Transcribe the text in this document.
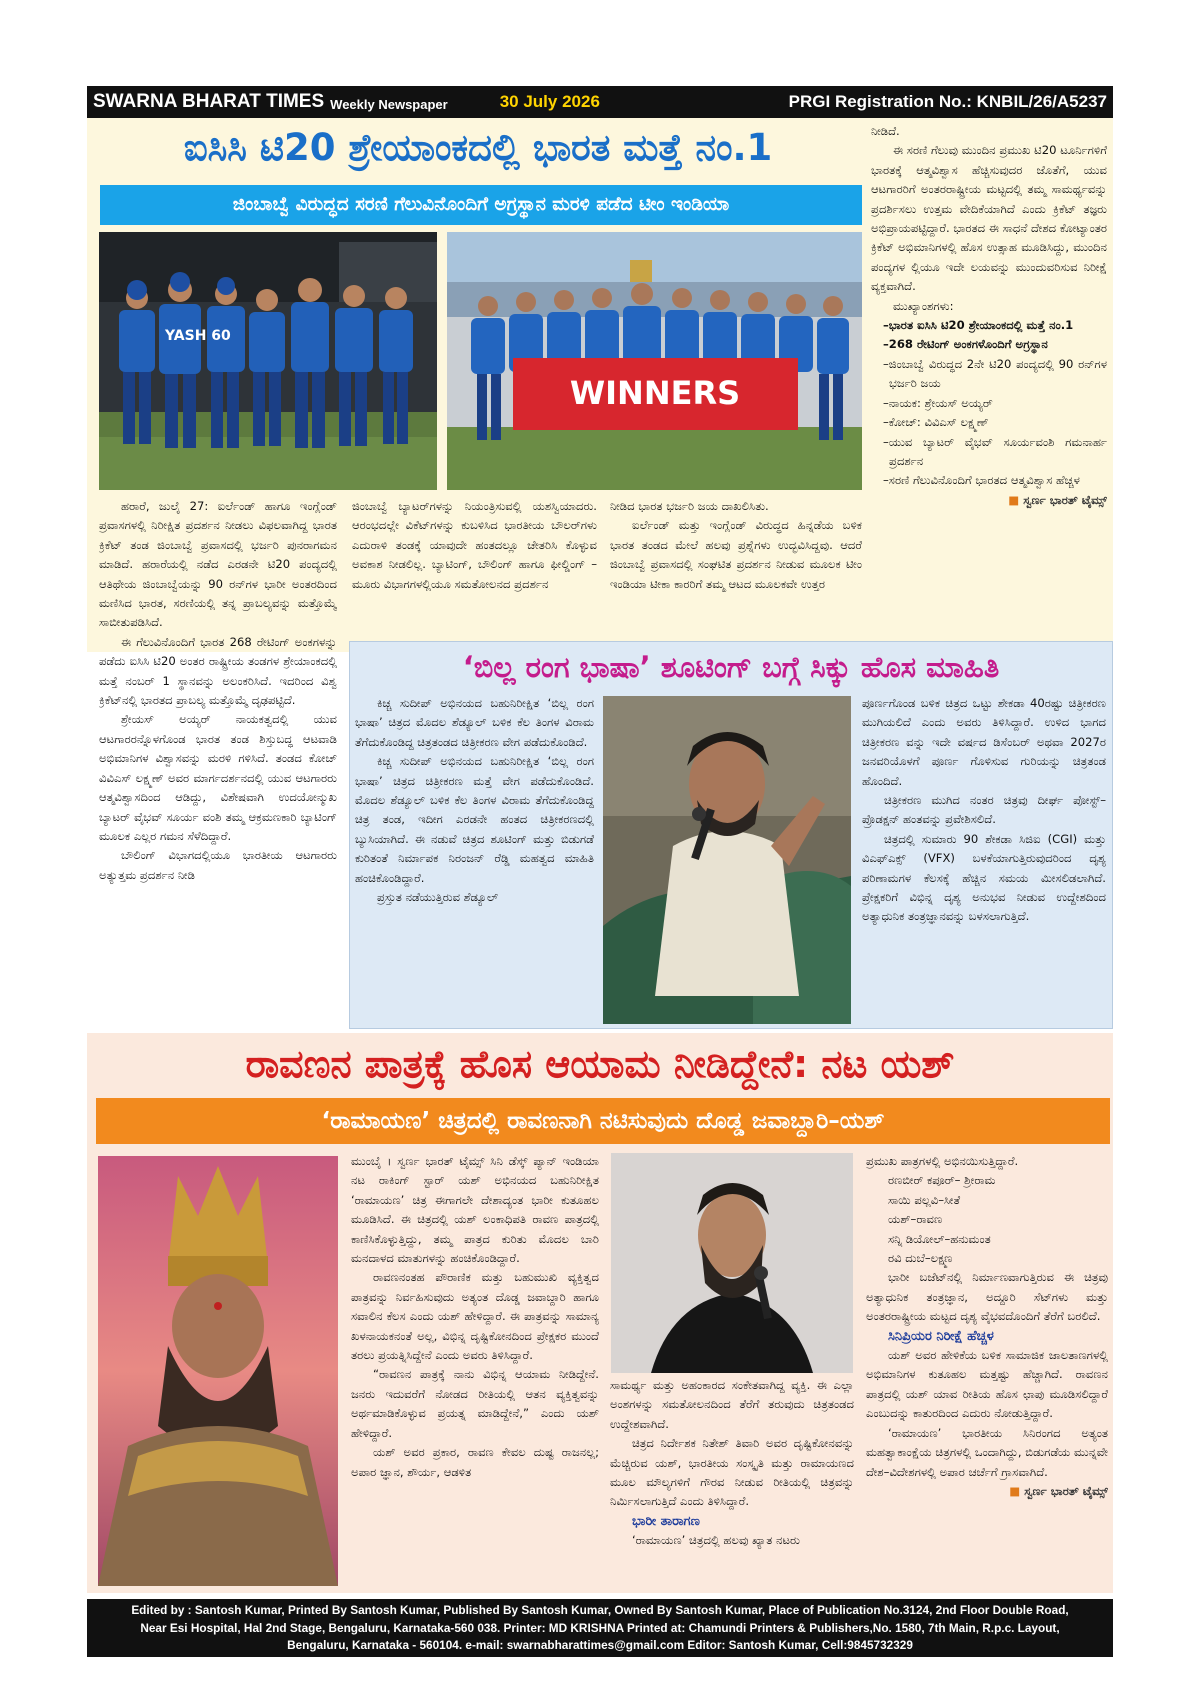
SWARNA BHARAT TIMES Weekly Newspaper	30 July 2026	PRGI Registration No.: KNBIL/26/A5237
ಐಸಿಸಿ ಟಿ20 ಶ್ರೇಯಾಂಕದಲ್ಲಿ ಭಾರತ ಮತ್ತೆ ನಂ.1
ಜಿಂಬಾಬ್ವೆ ವಿರುದ್ಧದ ಸರಣಿ ಗೆಲುವಿನೊಂದಿಗೆ ಅಗ್ರಸ್ಥಾನ ಮರಳಿ ಪಡೆದ ಟೀಂ ಇಂಡಿಯಾ
YASH 60
WINNERS

ಹರಾರೆ, ಜುಲೈ 27: ಐರ್ಲೆಂಡ್ ಹಾಗೂ ಇಂಗ್ಲೆಂಡ್ ಪ್ರವಾಸಗಳಲ್ಲಿ ನಿರೀಕ್ಷಿತ ಪ್ರದರ್ಶನ ನೀಡಲು ವಿಫಲವಾಗಿದ್ದ ಭಾರತ ಕ್ರಿಕೆಟ್ ತಂಡ ಜಿಂಬಾಬ್ವೆ ಪ್ರವಾಸದಲ್ಲಿ ಭರ್ಜರಿ ಪುನರಾಗಮನ ಮಾಡಿದೆ. ಹರಾರೆಯಲ್ಲಿ ನಡೆದ ಎರಡನೇ ಟಿ20 ಪಂದ್ಯದಲ್ಲಿ ಆತಿಥೇಯ ಜಿಂಬಾಬ್ವೆಯನ್ನು 90 ರನ್‌ಗಳ ಭಾರೀ ಅಂತರದಿಂದ ಮಣಿಸಿದ ಭಾರತ, ಸರಣಿಯಲ್ಲಿ ತನ್ನ ಪ್ರಾಬಲ್ಯವನ್ನು ಮತ್ತೊಮ್ಮೆ ಸಾಬೀತುಪಡಿಸಿದೆ.

ಈ ಗೆಲುವಿನೊಂದಿಗೆ ಭಾರತ 268 ರೇಟಿಂಗ್ ಅಂಕಗಳನ್ನು ಪಡೆದು ಐಸಿಸಿ ಟಿ20 ಅಂತರ ರಾಷ್ಟ್ರೀಯ ತಂಡಗಳ ಶ್ರೇಯಾಂಕದಲ್ಲಿ ಮತ್ತೆ ನಂಬರ್ 1 ಸ್ಥಾನವನ್ನು ಅಲಂಕರಿಸಿದೆ. ಇದರಿಂದ ವಿಶ್ವ ಕ್ರಿಕೆಟ್‌ನಲ್ಲಿ ಭಾರತದ ಪ್ರಾಬಲ್ಯ ಮತ್ತೊಮ್ಮೆ ದೃಢಪಟ್ಟಿದೆ.

ಶ್ರೇಯಸ್ ಅಯ್ಯರ್ ನಾಯಕತ್ವದಲ್ಲಿ ಯುವ ಆಟಗಾರರನ್ನೊಳಗೊಂಡ ಭಾರತ ತಂಡ ಶಿಸ್ತುಬದ್ಧ ಆಟವಾಡಿ ಅಭಿಮಾನಿಗಳ ವಿಶ್ವಾಸವನ್ನು ಮರಳಿ ಗಳಿಸಿದೆ. ತಂಡದ ಕೋಚ್ ವಿವಿಎಸ್ ಲಕ್ಷ್ಮಣ್ ಅವರ ಮಾರ್ಗದರ್ಶನದಲ್ಲಿ ಯುವ ಆಟಗಾರರು ಆತ್ಮವಿಶ್ವಾಸದಿಂದ ಆಡಿದ್ದು, ವಿಶೇಷವಾಗಿ ಉದಯೋನ್ಮುಖ ಬ್ಯಾಟರ್ ವೈಭವ್ ಸೂರ್ಯ ವಂಶಿ ತಮ್ಮ ಆಕ್ರಮಣಕಾರಿ ಬ್ಯಾಟಿಂಗ್ ಮೂಲಕ ಎಲ್ಲರ ಗಮನ ಸೆಳೆದಿದ್ದಾರೆ.

ಬೌಲಿಂಗ್ ವಿಭಾಗದಲ್ಲಿಯೂ ಭಾರತೀಯ ಆಟಗಾರರು ಅತ್ಯುತ್ತಮ ಪ್ರದರ್ಶನ ನೀಡಿ

ಜಿಂಬಾಬ್ವೆ ಬ್ಯಾಟರ್‌ಗಳನ್ನು ನಿಯಂತ್ರಿಸುವಲ್ಲಿ ಯಶಸ್ವಿಯಾದರು. ಆರಂಭದಲ್ಲೇ ವಿಕೆಟ್‌ಗಳನ್ನು ಕುಬಳಿಸಿದ ಭಾರತೀಯ ಬೌಲರ್‌ಗಳು ಎದುರಾಳಿ ತಂಡಕ್ಕೆ ಯಾವುದೇ ಹಂತದಲ್ಲೂ ಚೇತರಿಸಿ ಕೊಳ್ಳುವ ಅವಕಾಶ ನೀಡಲಿಲ್ಲ. ಬ್ಯಾಟಿಂಗ್, ಬೌಲಿಂಗ್ ಹಾಗೂ ಫೀಲ್ಡಿಂಗ್ –ಮೂರು ವಿಭಾಗಗಳಲ್ಲಿಯೂ ಸಮತೋಲನದ ಪ್ರದರ್ಶನ

ನೀಡಿದ ಭಾರತ ಭರ್ಜರಿ ಜಯ ದಾಖಲಿಸಿತು.

ಐರ್ಲೆಂಡ್ ಮತ್ತು ಇಂಗ್ಲೆಂಡ್ ವಿರುದ್ಧದ ಹಿನ್ನಡೆಯ ಬಳಿಕ ಭಾರತ ತಂಡದ ಮೇಲೆ ಹಲವು ಪ್ರಶ್ನೆಗಳು ಉದ್ಭವಿಸಿದ್ದವು. ಆದರೆ ಜಿಂಬಾಬ್ವೆ ಪ್ರವಾಸದಲ್ಲಿ ಸಂಘಟಿತ ಪ್ರದರ್ಶನ ನೀಡುವ ಮೂಲಕ ಟೀಂ ಇಂಡಿಯಾ ಟೀಕಾ ಕಾರರಿಗೆ ತಮ್ಮ ಆಟದ ಮೂಲಕವೇ ಉತ್ತರ

ನೀಡಿದೆ.

ಈ ಸರಣಿ ಗೆಲುವು ಮುಂದಿನ ಪ್ರಮುಖ ಟಿ20 ಟೂರ್ನಿಗಳಿಗೆ ಭಾರತಕ್ಕೆ ಆತ್ಮವಿಶ್ವಾಸ ಹೆಚ್ಚಿಸುವುದರ ಜೊತೆಗೆ, ಯುವ ಆಟಗಾರರಿಗೆ ಅಂತರರಾಷ್ಟ್ರೀಯ ಮಟ್ಟದಲ್ಲಿ ತಮ್ಮ ಸಾಮರ್ಥ್ಯವನ್ನು ಪ್ರದರ್ಶಿಸಲು ಉತ್ತಮ ವೇದಿಕೆಯಾಗಿದೆ ಎಂದು ಕ್ರಿಕೆಟ್ ತಜ್ಞರು ಅಭಿಪ್ರಾಯಪಟ್ಟಿದ್ದಾರೆ. ಭಾರತದ ಈ ಸಾಧನೆ ದೇಶದ ಕೋಟ್ಯಾಂತರ ಕ್ರಿಕೆಟ್ ಅಭಿಮಾನಿಗಳಲ್ಲಿ ಹೊಸ ಉತ್ಸಾಹ ಮೂಡಿಸಿದ್ದು, ಮುಂದಿನ ಪಂದ್ಯಗಳ ಲ್ಲಿಯೂ ಇದೇ ಲಯವನ್ನು ಮುಂದುವರಿಸುವ ನಿರೀಕ್ಷೆ ವ್ಯಕ್ತವಾಗಿದೆ.

ಮುಖ್ಯಾಂಶಗಳು:

–ಭಾರತ ಐಸಿಸಿ ಟಿ20 ಶ್ರೇಯಾಂಕದಲ್ಲಿ ಮತ್ತೆ ನಂ.1

–268 ರೇಟಿಂಗ್ ಅಂಕಗಳೊಂದಿಗೆ ಅಗ್ರಸ್ಥಾನ

–ಜಿಂಬಾಬ್ವೆ ವಿರುದ್ಧದ 2ನೇ ಟಿ20 ಪಂದ್ಯದಲ್ಲಿ 90 ರನ್‌ಗಳ ಭರ್ಜರಿ ಜಯ

–ನಾಯಕ: ಶ್ರೇಯಸ್ ಅಯ್ಯರ್

–ಕೋಚ್: ವಿವಿಎಸ್ ಲಕ್ಷ್ಮಣ್

–ಯುವ ಬ್ಯಾಟರ್ ವೈಭವ್ ಸೂರ್ಯವಂಶಿ ಗಮನಾರ್ಹ ಪ್ರದರ್ಶನ

–ಸರಣಿ ಗೆಲುವಿನೊಂದಿಗೆ ಭಾರತದ ಆತ್ಮವಿಶ್ವಾಸ ಹೆಚ್ಚಳ

■ ಸ್ವರ್ಣ ಭಾರತ್ ಟೈಮ್ಸ್

‘ಬಿಲ್ಲ ರಂಗ ಭಾಷಾ’ ಶೂಟಿಂಗ್ ಬಗ್ಗೆ ಸಿಕ್ಕು ಹೊಸ ಮಾಹಿತಿ

ಕಿಚ್ಚ ಸುದೀಪ್ ಅಭಿನಯದ ಬಹುನಿರೀಕ್ಷಿತ ‘ಬಿಲ್ಲ ರಂಗ ಭಾಷಾ’ ಚಿತ್ರದ ಮೊದಲ ಶೆಡ್ಯೂಲ್ ಬಳಿಕ ಕೆಲ ತಿಂಗಳ ವಿರಾಮ ತೆಗೆದುಕೊಂಡಿದ್ದ ಚಿತ್ರತಂಡದ ಚಿತ್ರೀಕರಣ ವೇಗ ಪಡೆದುಕೊಂಡಿದೆ.

ಕಿಚ್ಚ ಸುದೀಪ್ ಅಭಿನಯದ ಬಹುನಿರೀಕ್ಷಿತ ‘ಬಿಲ್ಲ ರಂಗ ಭಾಷಾ’ ಚಿತ್ರದ ಚಿತ್ರೀಕರಣ ಮತ್ತೆ ವೇಗ ಪಡೆದುಕೊಂಡಿದೆ. ಮೊದಲ ಶೆಡ್ಯೂಲ್ ಬಳಿಕ ಕೆಲ ತಿಂಗಳ ವಿರಾಮ ತೆಗೆದುಕೊಂಡಿದ್ದ ಚಿತ್ರ ತಂಡ, ಇದೀಗ ಎರಡನೇ ಹಂತದ ಚಿತ್ರೀಕರಣದಲ್ಲಿ ಬ್ಯುಸಿಯಾಗಿದೆ. ಈ ನಡುವೆ ಚಿತ್ರದ ಶೂಟಿಂಗ್ ಮತ್ತು ಬಿಡುಗಡೆ ಕುರಿತಂತೆ ನಿರ್ಮಾಪಕ ನಿರಂಜನ್ ರೆಡ್ಡಿ ಮಹತ್ವದ ಮಾಹಿತಿ ಹಂಚಿಕೊಂಡಿದ್ದಾರೆ.

ಪ್ರಸ್ತುತ ನಡೆಯುತ್ತಿರುವ ಶೆಡ್ಯೂಲ್

ಪೂರ್ಣಗೊಂಡ ಬಳಿಕ ಚಿತ್ರದ ಒಟ್ಟು ಶೇಕಡಾ 40ರಷ್ಟು ಚಿತ್ರೀಕರಣ ಮುಗಿಯಲಿದೆ ಎಂದು ಅವರು ತಿಳಿಸಿದ್ದಾರೆ. ಉಳಿದ ಭಾಗದ ಚಿತ್ರೀಕರಣ ವನ್ನು ಇದೇ ವರ್ಷದ ಡಿಸೆಂಬರ್ ಅಥವಾ 2027ರ ಜನವರಿಯೊಳಗೆ ಪೂರ್ಣ ಗೊಳಿಸುವ ಗುರಿಯನ್ನು ಚಿತ್ರತಂಡ ಹೊಂದಿದೆ.

ಚಿತ್ರೀಕರಣ ಮುಗಿದ ನಂತರ ಚಿತ್ರವು ದೀರ್ಘ ಪೋಸ್ಟ್–ಪ್ರೊಡಕ್ಷನ್ ಹಂತವನ್ನು ಪ್ರವೇಶಿಸಲಿದೆ.

ಚಿತ್ರದಲ್ಲಿ ಸುಮಾರು 90 ಶೇಕಡಾ ಸಿಜಿಐ (CGI) ಮತ್ತು ವಿಎಫ್‌ಎಕ್ಸ್ (VFX) ಬಳಕೆಯಾಗುತ್ತಿರುವುದರಿಂದ ದೃಶ್ಯ ಪರಿಣಾಮಗಳ ಕೆಲಸಕ್ಕೆ ಹೆಚ್ಚಿನ ಸಮಯ ಮೀಸಲಿಡಲಾಗಿದೆ. ಪ್ರೇಕ್ಷಕರಿಗೆ ವಿಭಿನ್ನ ದೃಶ್ಯ ಅನುಭವ ನೀಡುವ ಉದ್ದೇಶದಿಂದ ಅತ್ಯಾಧುನಿಕ ತಂತ್ರಜ್ಞಾನವನ್ನು ಬಳಸಲಾಗುತ್ತಿದೆ.

ರಾವಣನ ಪಾತ್ರಕ್ಕೆ ಹೊಸ ಆಯಾಮ ನೀಡಿದ್ದೇನೆ: ನಟ ಯಶ್
‘ರಾಮಾಯಣ’ ಚಿತ್ರದಲ್ಲಿ ರಾವಣನಾಗಿ ನಟಿಸುವುದು ದೊಡ್ಡ ಜವಾಬ್ದಾರಿ–ಯಶ್

ಮುಂಬೈ । ಸ್ವರ್ಣ ಭಾರತ್ ಟೈಮ್ಸ್ ಸಿನಿ ಡೆಸ್ಕ್ ಪ್ಯಾನ್ ಇಂಡಿಯಾ ನಟ ರಾಕಿಂಗ್ ಸ್ಟಾರ್ ಯಶ್ ಅಭಿನಯದ ಬಹುನಿರೀಕ್ಷಿತ ‘ರಾಮಾಯಣ’ ಚಿತ್ರ ಈಗಾಗಲೇ ದೇಶಾದ್ಯಂತ ಭಾರೀ ಕುತೂಹಲ ಮೂಡಿಸಿದೆ. ಈ ಚಿತ್ರದಲ್ಲಿ ಯಶ್ ಲಂಕಾಧಿಪತಿ ರಾವಣ ಪಾತ್ರದಲ್ಲಿ ಕಾಣಿಸಿಕೊಳ್ಳುತ್ತಿದ್ದು, ತಮ್ಮ ಪಾತ್ರದ ಕುರಿತು ಮೊದಲ ಬಾರಿ ಮನದಾಳದ ಮಾತುಗಳನ್ನು ಹಂಚಿಕೊಂಡಿದ್ದಾರೆ.

ರಾವಣನಂತಹ ಪೌರಾಣಿಕ ಮತ್ತು ಬಹುಮುಖಿ ವ್ಯಕ್ತಿತ್ವದ ಪಾತ್ರವನ್ನು ನಿರ್ವಹಿಸುವುದು ಅತ್ಯಂತ ದೊಡ್ಡ ಜವಾಬ್ದಾರಿ ಹಾಗೂ ಸವಾಲಿನ ಕೆಲಸ ಎಂದು ಯಶ್ ಹೇಳಿದ್ದಾರೆ. ಈ ಪಾತ್ರವನ್ನು ಸಾಮಾನ್ಯ ಖಳನಾಯಕನಂತೆ ಅಲ್ಲ, ವಿಭಿನ್ನ ದೃಷ್ಟಿಕೋನದಿಂದ ಪ್ರೇಕ್ಷಕರ ಮುಂದೆ ತರಲು ಪ್ರಯತ್ನಿಸಿದ್ದೇನೆ ಎಂದು ಅವರು ತಿಳಿಸಿದ್ದಾರೆ.

“ರಾವಣನ ಪಾತ್ರಕ್ಕೆ ನಾನು ವಿಭಿನ್ನ ಆಯಾಮ ನೀಡಿದ್ದೇನೆ. ಜನರು ಇದುವರೆಗೆ ನೋಡದ ರೀತಿಯಲ್ಲಿ ಆತನ ವ್ಯಕ್ತಿತ್ವವನ್ನು ಅರ್ಥಮಾಡಿಕೊಳ್ಳುವ ಪ್ರಯತ್ನ ಮಾಡಿದ್ದೇನೆ,” ಎಂದು ಯಶ್ ಹೇಳಿದ್ದಾರೆ.

ಯಶ್ ಅವರ ಪ್ರಕಾರ, ರಾವಣ ಕೇವಲ ದುಷ್ಟ ರಾಜನಲ್ಲ; ಅಪಾರ ಜ್ಞಾನ, ಶೌರ್ಯ, ಆಡಳಿತ

ಸಾಮರ್ಥ್ಯ ಮತ್ತು ಅಹಂಕಾರದ ಸಂಕೇತವಾಗಿದ್ದ ವ್ಯಕ್ತಿ. ಈ ಎಲ್ಲಾ ಅಂಶಗಳನ್ನು ಸಮತೋಲನದಿಂದ ತೆರೆಗೆ ತರುವುದು ಚಿತ್ರತಂಡದ ಉದ್ದೇಶವಾಗಿದೆ.

ಚಿತ್ರದ ನಿರ್ದೇಶಕ ನಿತೇಶ್ ತಿವಾರಿ ಅವರ ದೃಷ್ಟಿಕೋನವನ್ನು ಮೆಚ್ಚಿರುವ ಯಶ್, ಭಾರತೀಯ ಸಂಸ್ಕೃತಿ ಮತ್ತು ರಾಮಾಯಣದ ಮೂಲ ಮೌಲ್ಯಗಳಿಗೆ ಗೌರವ ನೀಡುವ ರೀತಿಯಲ್ಲಿ ಚಿತ್ರವನ್ನು ನಿರ್ಮಿಸಲಾಗುತ್ತಿದೆ ಎಂದು ತಿಳಿಸಿದ್ದಾರೆ.

ಭಾರೀ ತಾರಾಗಣ

‘ರಾಮಾಯಣ’ ಚಿತ್ರದಲ್ಲಿ ಹಲವು ಖ್ಯಾತ ನಟರು

ಪ್ರಮುಖ ಪಾತ್ರಗಳಲ್ಲಿ ಅಭಿನಯಿಸುತ್ತಿದ್ದಾರೆ.

ರಣಬೀರ್ ಕಪೂರ್– ಶ್ರೀರಾಮ

ಸಾಯಿ ಪಲ್ಲವಿ–ಸೀತೆ

ಯಶ್–ರಾವಣ

ಸನ್ನಿ ಡಿಯೋಲ್–ಹನುಮಂತ

ರವಿ ದುಬೆ–ಲಕ್ಷ್ಮಣ

ಭಾರೀ ಬಜೆಟ್‌ನಲ್ಲಿ ನಿರ್ಮಾಣವಾಗುತ್ತಿರುವ ಈ ಚಿತ್ರವು ಅತ್ಯಾಧುನಿಕ ತಂತ್ರಜ್ಞಾನ, ಅದ್ದೂರಿ ಸೆಟ್‌ಗಳು ಮತ್ತು ಅಂತರರಾಷ್ಟ್ರೀಯ ಮಟ್ಟದ ದೃಶ್ಯ ವೈಭವದೊಂದಿಗೆ ತೆರೆಗೆ ಬರಲಿದೆ.

ಸಿನಿಪ್ರಿಯರ ನಿರೀಕ್ಷೆ ಹೆಚ್ಚಳ

ಯಶ್ ಅವರ ಹೇಳಿಕೆಯ ಬಳಿಕ ಸಾಮಾಜಿಕ ಜಾಲತಾಣಗಳಲ್ಲಿ ಅಭಿಮಾನಿಗಳ ಕುತೂಹಲ ಮತ್ತಷ್ಟು ಹೆಚ್ಚಾಗಿದೆ. ರಾವಣನ ಪಾತ್ರದಲ್ಲಿ ಯಶ್ ಯಾವ ರೀತಿಯ ಹೊಸ ಛಾಪು ಮೂಡಿಸಲಿದ್ದಾರೆ ಎಂಬುದನ್ನು ಕಾತುರದಿಂದ ಎದುರು ನೋಡುತ್ತಿದ್ದಾರೆ.

‘ರಾಮಾಯಣ’ ಭಾರತೀಯ ಸಿನಿರಂಗದ ಅತ್ಯಂತ ಮಹತ್ವಾಕಾಂಕ್ಷೆಯ ಚಿತ್ರಗಳಲ್ಲಿ ಒಂದಾಗಿದ್ದು, ಬಿಡುಗಡೆಯ ಮುನ್ನವೇ ದೇಶ–ವಿದೇಶಗಳಲ್ಲಿ ಅಪಾರ ಚರ್ಚೆಗೆ ಗ್ರಾಸವಾಗಿದೆ.

■ ಸ್ವರ್ಣ ಭಾರತ್ ಟೈಮ್ಸ್

Edited by : Santosh Kumar, Printed By Santosh Kumar, Published By Santosh Kumar, Owned By Santosh Kumar, Place of Publication No.3124, 2nd Floor Double Road,
Near Esi Hospital, Hal 2nd Stage, Bengaluru, Karnataka-560 038. Printer: MD KRISHNA Printed at: Chamundi Printers & Publishers,No. 1580, 7th Main, R.p.c. Layout,
Bengaluru, Karnataka - 560104. e-mail: swarnabharattimes@gmail.com Editor: Santosh Kumar, Cell:9845732329
